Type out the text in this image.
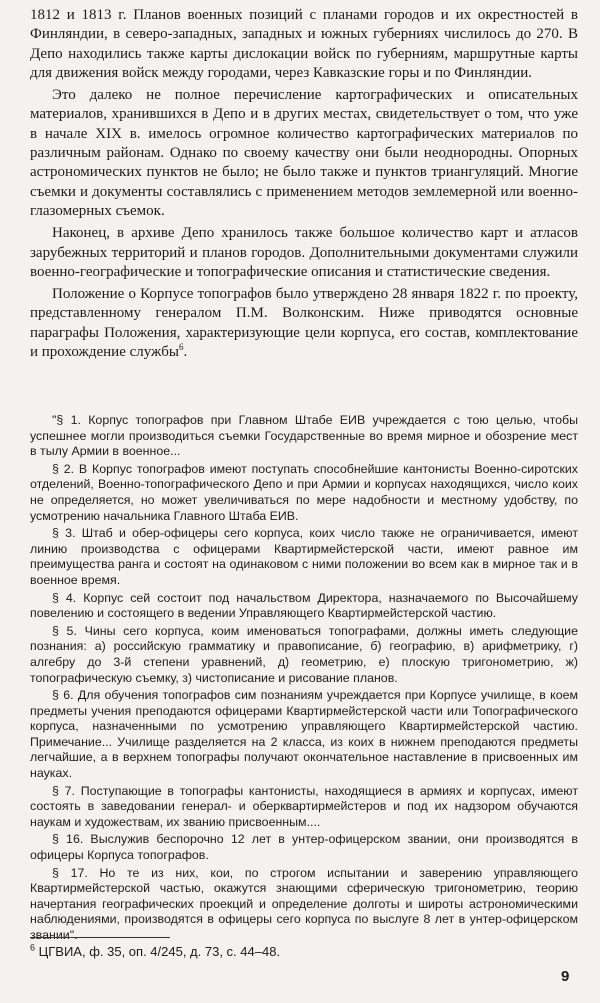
1812 и 1813 г. Планов военных позиций с планами городов и их окрестностей в Финляндии, в северо-западных, западных и южных губерниях числилось до 270. В Депо находились также карты дислокации войск по губерниям, маршрутные карты для движения войск между городами, через Кавказские горы и по Финляндии.

Это далеко не полное перечисление картографических и описательных материалов, хранившихся в Депо и в других местах, свидетельствует о том, что уже в начале XIX в. имелось огромное количество картографических материалов по различным районам. Однако по своему качеству они были неоднородны. Опорных астрономических пунктов не было; не было также и пунктов триангуляций. Многие съемки и документы составлялись с применением методов землемерной или военно-глазомерных съемок.

Наконец, в архиве Депо хранилось также большое количество карт и атласов зарубежных территорий и планов городов. Дополнительными документами служили военно-географические и топографические описания и статистические сведения.

Положение о Корпусе топографов было утверждено 28 января 1822 г. по проекту, представленному генералом П.М. Волконским. Ниже приводятся основные параграфы Положения, характеризующие цели корпуса, его состав, комплектование и прохождение службы$^6$.

"§ 1. Корпус топографов при Главном Штабе ЕИВ учреждается с тою целью, чтобы успешнее могли производиться съемки Государственные во время мирное и обозрение мест в тылу Армии в военное...

§ 2. В Корпус топографов имеют поступать способнейшие кантонисты Военно-сиротских отделений, Военно-топографического Депо и при Армии и корпусах находящихся, число коих не определяется, но может увеличиваться по мере надобности и местному удобству, по усмотрению начальника Главного Штаба ЕИВ.

§ 3. Штаб и обер-офицеры сего корпуса, коих число также не ограничивается, имеют линию производства с офицерами Квартирмейстерской части, имеют равное им преимущества ранга и состоят на одинаковом с ними положении во всем как в мирное так и в военное время.

§ 4. Корпус сей состоит под начальством Директора, назначаемого по Высочайшему повелению и состоящего в ведении Управляющего Квартирмейстерской частию.

§ 5. Чины сего корпуса, коим именоваться топографами, должны иметь следующие познания: а) российскую грамматику и правописание, б) географию, в) арифметрику, г) алгебру до 3-й степени уравнений, д) геометрию, е) плоскую тригонометрию, ж) топографическую съемку, з) чистописание и рисование планов.

§ 6. Для обучения топографов сим познаниям учреждается при Корпусе училище, в коем предметы учения преподаются офицерами Квартирмейстерской части или Топографического корпуса, назначенными по усмотрению управляющего Квартирмейстерской частию. Примечание... Училище разделяется на 2 класса, из коих в нижнем преподаются предметы легчайшие, а в верхнем топографы получают окончательное наставление в присвоенных им науках.

§ 7. Поступающие в топографы кантонисты, находящиеся в армиях и корпусах, имеют состоять в заведовании генерал- и оберквартирмейстеров и под их надзором обучаются наукам и художествам, их званию присвоенным....

§ 16. Выслужив беспорочно 12 лет в унтер-офицерском звании, они производятся в офицеры Корпуса топографов.

§ 17. Но те из них, кои, по строгом испытании и заверению управляющего Квартирмейстерской частью, окажутся знающими сферическую тригонометрию, теорию начертания географических проекций и определение долготы и широты астрономическими наблюдениями, производятся в офицеры сего корпуса по выслуге 8 лет в унтер-офицерском звании".

$^6$ ЦГВИА, ф. 35, оп. 4/245, д. 73, с. 44–48.
9
